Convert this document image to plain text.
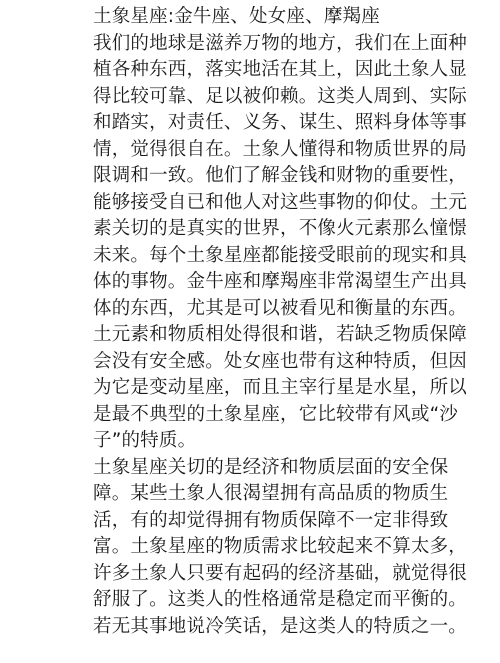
土象星座:金牛座、处女座、摩羯座
我们的地球是滋养万物的地方，我们在上面种
植各种东西，落实地活在其上，因此土象人显
得比较可靠、足以被仰赖。这类人周到、实际
和踏实，对责任、义务、谋生、照料身体等事
情，觉得很自在。土象人懂得和物质世界的局
限调和一致。他们了解金钱和财物的重要性，
能够接受自已和他人对这些事物的仰仗。土元
素关切的是真实的世界，不像火元素那么憧憬
未来。每个土象星座都能接受眼前的现实和具
体的事物。金牛座和摩羯座非常渴望生产出具
体的东西，尤其是可以被看见和衡量的东西。
土元素和物质相处得很和谐，若缺乏物质保障
会没有安全感。处女座也带有这种特质，但因
为它是变动星座，而且主宰行星是水星，所以
是最不典型的土象星座，它比较带有风或“沙
子”的特质。
土象星座关切的是经济和物质层面的安全保
障。某些土象人很渴望拥有高品质的物质生
活，有的却觉得拥有物质保障不一定非得致
富。土象星座的物质需求比较起来不算太多，
许多土象人只要有起码的经济基础，就觉得很
舒服了。这类人的性格通常是稳定而平衡的。
若无其事地说冷笑话，是这类人的特质之一。
